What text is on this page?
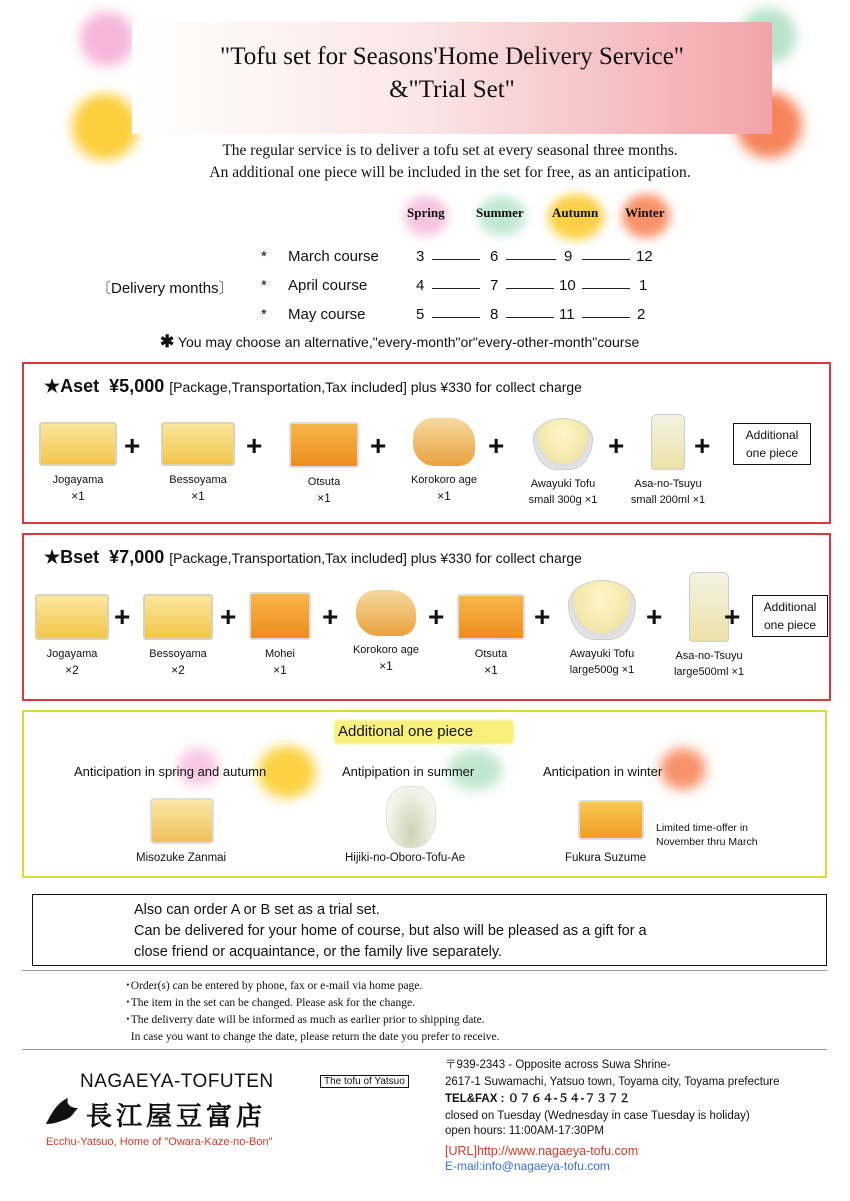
"Tofu set for Seasons'Home Delivery Service"
&"Trial Set"
The regular service is to deliver a tofu set at every seasonal three months.
An additional one piece will be included in the set for free, as an anticipation.
Spring Summer Autumn Winter
〔Delivery months〕
* March course 3	6	9	12
* April course	4	7	10	1
* May course	5	8	11	2
✱ You may choose an alternative,"every-month"or"every-other-month"course
★Aset ¥5,000 [Package,Transportation,Tax included] plus ¥330 for collect charge
Jogayama
×1
+
Bessoyama
×1
+
Otsuta
×1
+
Korokoro age
×1
+
Awayuki Tofu
small 300g ×1
+
Asa-no-Tsuyu
small 200ml ×1
+	Additional one piece
★Bset ¥7,000 [Package,Transportation,Tax included] plus ¥330 for collect charge
Jogayama
×2
+
Bessoyama
×2
+
Mohei
×1
+
Korokoro age
×1
+
Otsuta
×1
+
Awayuki Tofu
large500g ×1
+
Asa-no-Tsuyu
large500ml ×1
+	Additional one piece
Additional one piece
Anticipation in spring and autumn	Antipipation in summer	Anticipation in winter
Misozuke Zanmai	Hijiki-no-Oboro-Tofu-Ae	Fukura Suzume
Limited time-offer in November thru March
Also can order A or B set as a trial set.
Can be delivered for your home of course, but also will be pleased as a gift for a
close friend or acquaintance, or the family live separately.
･Order(s) can be entered by phone, fax or e-mail via home page.
･The item in the set can be changed. Please ask for the change.
･The deliverry date will be informed as much as earlier prior to shipping date.
In case you want to change the date, please return the date you prefer to receive.
NAGAEYA-TOFUTEN	The tofu of Yatsuo
長江屋豆富店
Ecchu-Yatsuo, Home of "Owara-Kaze-no-Bon"
〒939-2343 - Opposite across Suwa Shrine-
2617-1 Suwamachi, Yatsuo town, Toyama city, Toyama prefecture
TEL&FAX : ０７６４-５４-７３７２
closed on Tuesday (Wednesday in case Tuesday is holiday)
open hours: 11:00AM-17:30PM
[URL]http://www.nagaeya-tofu.com
E-mail:info@nagaeya-tofu.com
